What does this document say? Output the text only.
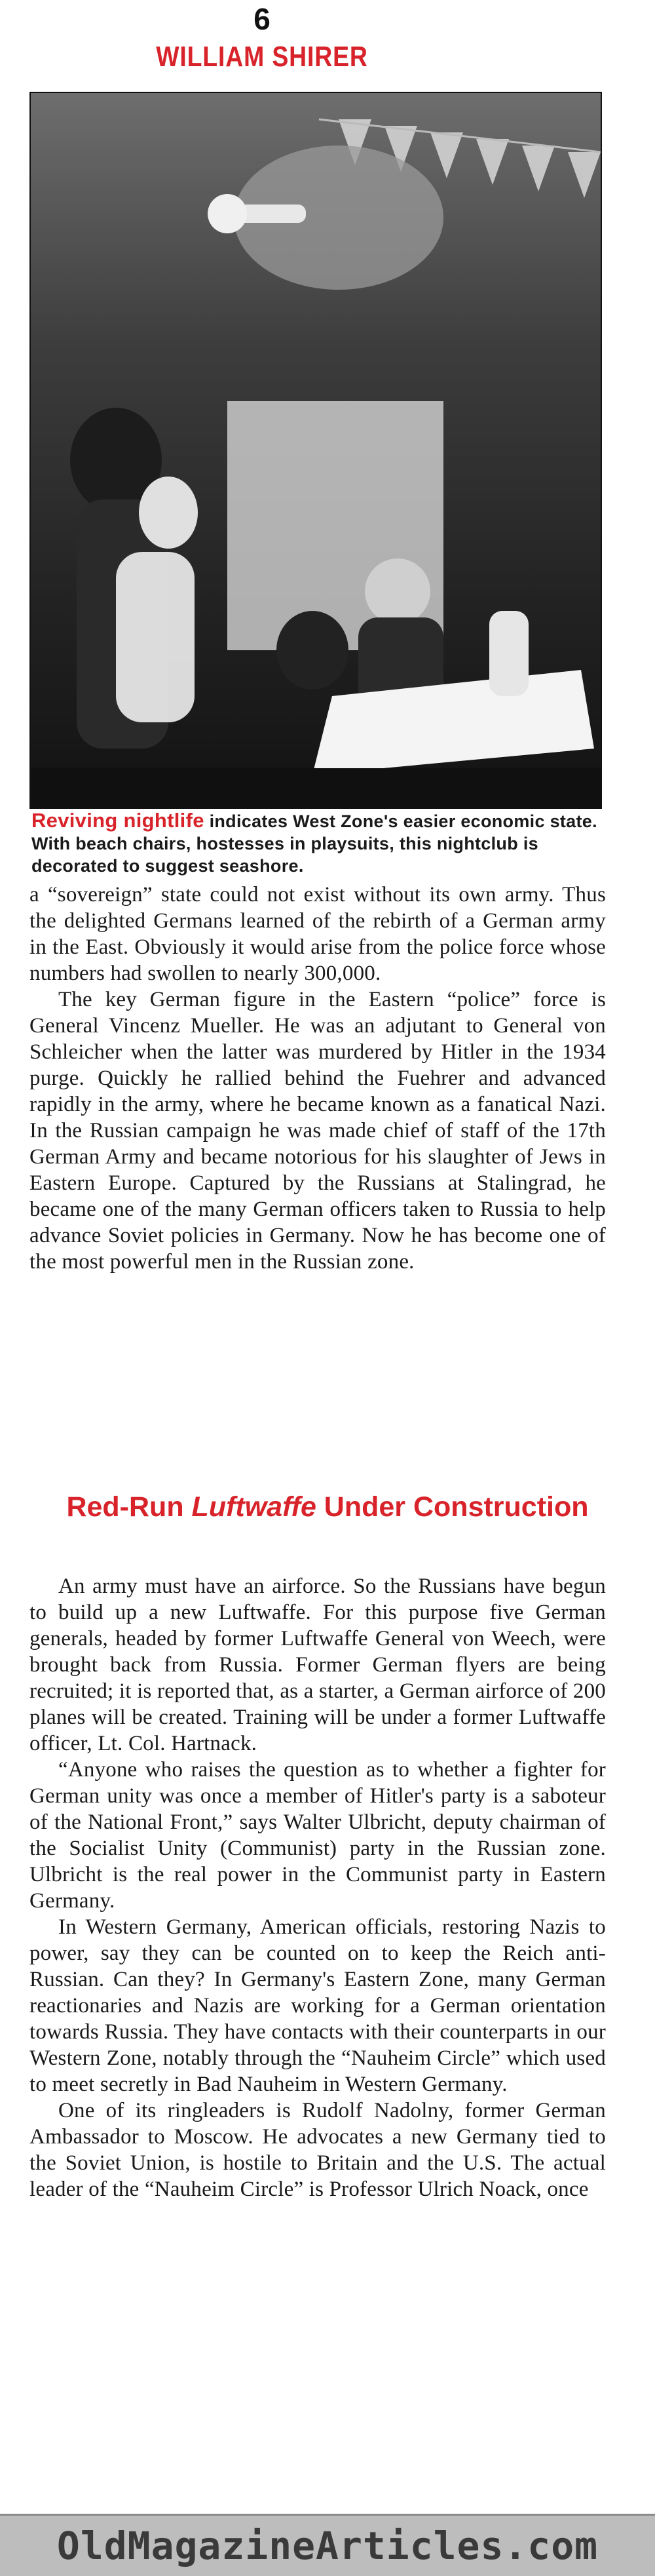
6
WILLIAM SHIRER
Reviving nightlife indicates West Zone's easier economic state. With beach chairs, hostesses in playsuits, this nightclub is decorated to suggest seashore.

a “sovereign” state could not exist without its own army. Thus the delighted Germans learned of the rebirth of a German army in the East. Obviously it would arise from the police force whose numbers had swollen to nearly 300,000.

The key German figure in the Eastern “police” force is General Vincenz Mueller. He was an adjutant to General von Schleicher when the latter was murdered by Hitler in the 1934 purge. Quickly he rallied behind the Fuehrer and advanced rapidly in the army, where he became known as a fanatical Nazi. In the Russian campaign he was made chief of staff of the 17th German Army and became notorious for his slaughter of Jews in Eastern Europe. Captured by the Russians at Stalingrad, he became one of the many German officers taken to Russia to help advance Soviet policies in Germany. Now he has become one of the most powerful men in the Russian zone.

Red-Run Luftwaffe Under Construction

An army must have an airforce. So the Russians have begun to build up a new Luftwaffe. For this purpose five German generals, headed by former Luftwaffe General von Weech, were brought back from Russia. Former German flyers are being recruited; it is reported that, as a starter, a German airforce of 200 planes will be created. Training will be under a former Luftwaffe officer, Lt. Col. Hartnack.

“Anyone who raises the question as to whether a fighter for German unity was once a member of Hitler's party is a saboteur of the National Front,” says Walter Ulbricht, deputy chairman of the Socialist Unity (Communist) party in the Russian zone. Ulbricht is the real power in the Communist party in Eastern Germany.

In Western Germany, American officials, restoring Nazis to power, say they can be counted on to keep the Reich anti-Russian. Can they? In Germany's Eastern Zone, many German reactionaries and Nazis are working for a German orientation towards Russia. They have contacts with their counterparts in our Western Zone, notably through the “Nauheim Circle” which used to meet secretly in Bad Nauheim in Western Germany.

One of its ringleaders is Rudolf Nadolny, former German Ambassador to Moscow. He advocates a new Germany tied to the Soviet Union, is hostile to Britain and the U.S. The actual leader of the “Nauheim Circle” is Professor Ulrich Noack, once

OldMagazineArticles.com
